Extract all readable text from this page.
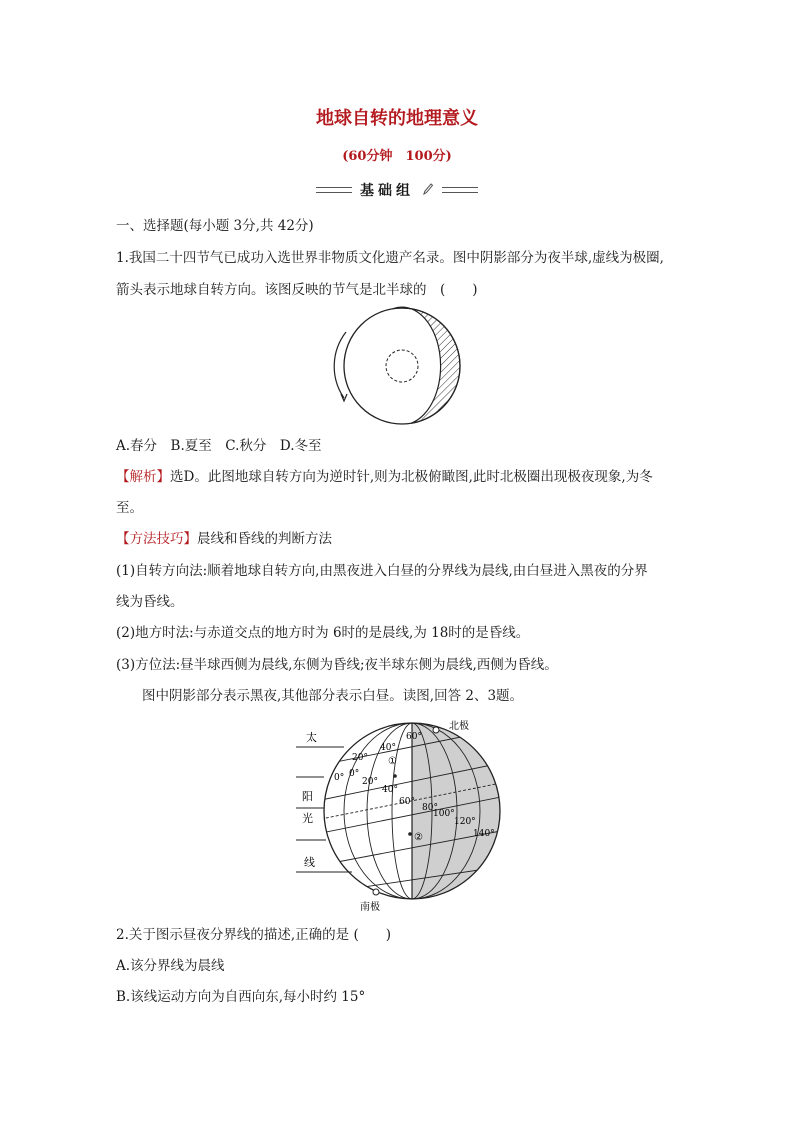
地球自转的地理意义
(60分钟　100分)
基础组
一、选择题(每小题 3分,共 42分)
1.我国二十四节气已成功入选世界非物质文化遗产名录。图中阴影部分为夜半球,虚线为极圈,
箭头表示地球自转方向。该图反映的节气是北半球的　(　　)
A.春分　B.夏至　C.秋分　D.冬至
【解析】选D。此图地球自转方向为逆时针,则为北极俯瞰图,此时北极圈出现极夜现象,为冬
至。
【方法技巧】晨线和昏线的判断方法
(1)自转方向法:顺着地球自转方向,由黑夜进入白昼的分界线为晨线,由白昼进入黑夜的分界
线为昏线。
(2)地方时法:与赤道交点的地方时为 6时的是晨线,为 18时的是昏线。
(3)方位法:昼半球西侧为晨线,东侧为昏线;夜半球东侧为晨线,西侧为昏线。
图中阴影部分表示黑夜,其他部分表示白昼。读图,回答 2、3题。
太
阳
光
线
北极
南极
60°
40°
20°
0°
0° 20°
40°
60°
80°
100°
120°
140°
①
②
2.关于图示昼夜分界线的描述,正确的是 (　　)
A.该分界线为晨线
B.该线运动方向为自西向东,每小时约 15°
